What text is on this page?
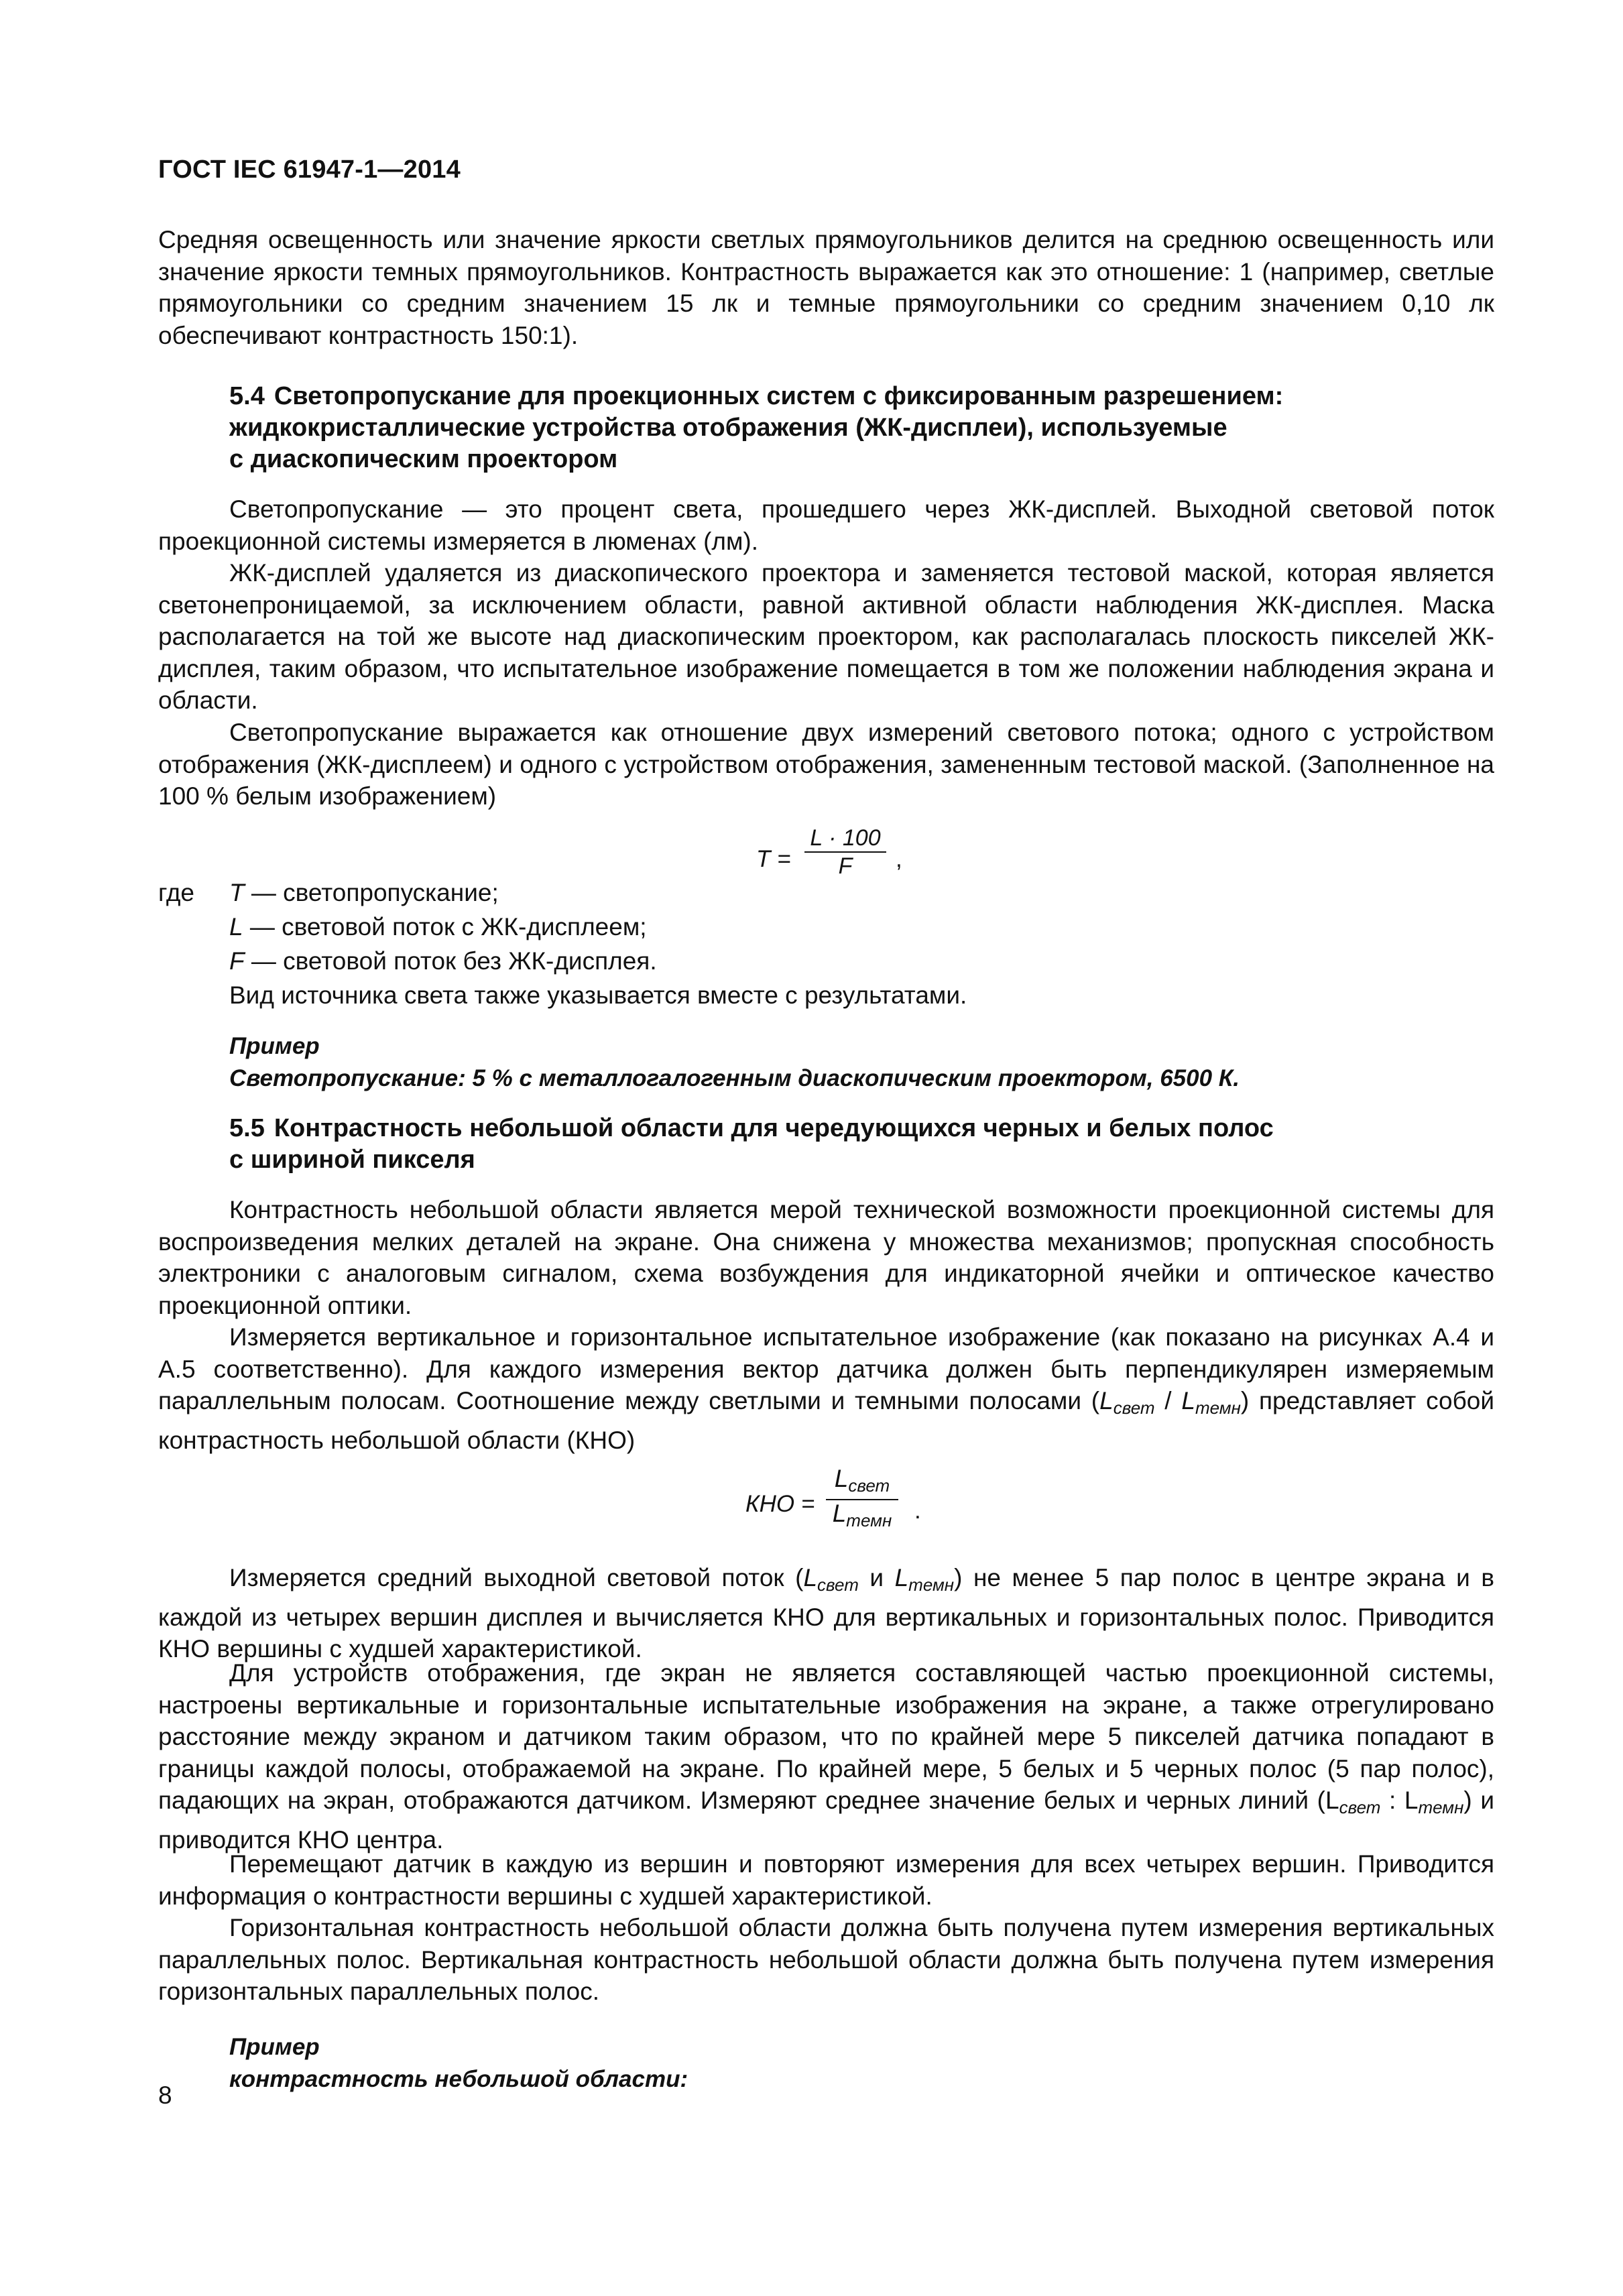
ГОСТ IEC 61947-1—2014

Средняя освещенность или значение яркости светлых прямоугольников делится на среднюю освещенность или значение яркости темных прямоугольников. Контрастность выражается как это отношение: 1 (например, светлые прямоугольники со средним значением 15 лк и темные прямоугольники со средним значением 0,10 лк обеспечивают контрастность 150:1).

5.4 Светопропускание для проекционных систем с фиксированным разрешением:
жидкокристаллические устройства отображения (ЖК-дисплеи), используемые
с диаскопическим проектором

Светопропускание — это процент света, прошедшего через ЖК-дисплей. Выходной световой поток проекционной системы измеряется в люменах (лм).

ЖК-дисплей удаляется из диаскопического проектора и заменяется тестовой маской, которая является светонепроницаемой, за исключением области, равной активной области наблюдения ЖК-дисплея. Маска располагается на той же высоте над диаскопическим проектором, как располагалась плоскость пикселей ЖК-дисплея, таким образом, что испытательное изображение помещается в том же положении наблюдения экрана и области.

Светопропускание выражается как отношение двух измерений светового потока; одного с устройством отображения (ЖК-дисплеем) и одного с устройством отображения, замененным тестовой маской. (Заполненное на 100 % белым изображением)

T =
L · 100
F	,
где T — светопропускание;
L — световой поток с ЖК-дисплеем;
F — световой поток без ЖК-дисплея.
Вид источника света также указывается вместе с результатами.
Пример
Светопропускание: 5 % с металлогалогенным диаскопическим проектором, 6500 К.
5.5 Контрастность небольшой области для чередующихся черных и белых полос
с шириной пикселя

Контрастность небольшой области является мерой технической возможности проекционной системы для воспроизведения мелких деталей на экране. Она снижена у множества механизмов; пропускная способность электроники с аналоговым сигналом, схема возбуждения для индикаторной ячейки и оптическое качество проекционной оптики.

Измеряется вертикальное и горизонтальное испытательное изображение (как показано на рисунках А.4 и А.5 соответственно). Для каждого измерения вектор датчика должен быть перпендикулярен измеряемым параллельным полосам. Соотношение между светлыми и темными полосами $(L_{свет} / L_{темн})$ представляет собой контрастность небольшой области (КНО)

КНО =
$L_{свет}$
$L_{темн}$ .

Измеряется средний выходной световой поток ($L_{свет}$ и $L_{темн}$) не менее 5 пар полос в центре экрана и в каждой из четырех вершин дисплея и вычисляется КНО для вертикальных и горизонтальных полос. Приводится КНО вершины с худшей характеристикой.

Для устройств отображения, где экран не является составляющей частью проекционной системы, настроены вертикальные и горизонтальные испытательные изображения на экране, а также отрегулировано расстояние между экраном и датчиком таким образом, что по крайней мере 5 пикселей датчика попадают в границы каждой полосы, отображаемой на экране. По крайней мере, 5 белых и 5 черных полос (5 пар полос), падающих на экран, отображаются датчиком. Измеряют среднее значение белых и черных линий ($L_{свет}$ : $L_{темн}$) и приводится КНО центра.

Перемещают датчик в каждую из вершин и повторяют измерения для всех четырех вершин. Приводится информация о контрастности вершины с худшей характеристикой.

Горизонтальная контрастность небольшой области должна быть получена путем измерения вертикальных параллельных полос. Вертикальная контрастность небольшой области должна быть получена путем измерения горизонтальных параллельных полос.

Пример
контрастность небольшой области:
8
